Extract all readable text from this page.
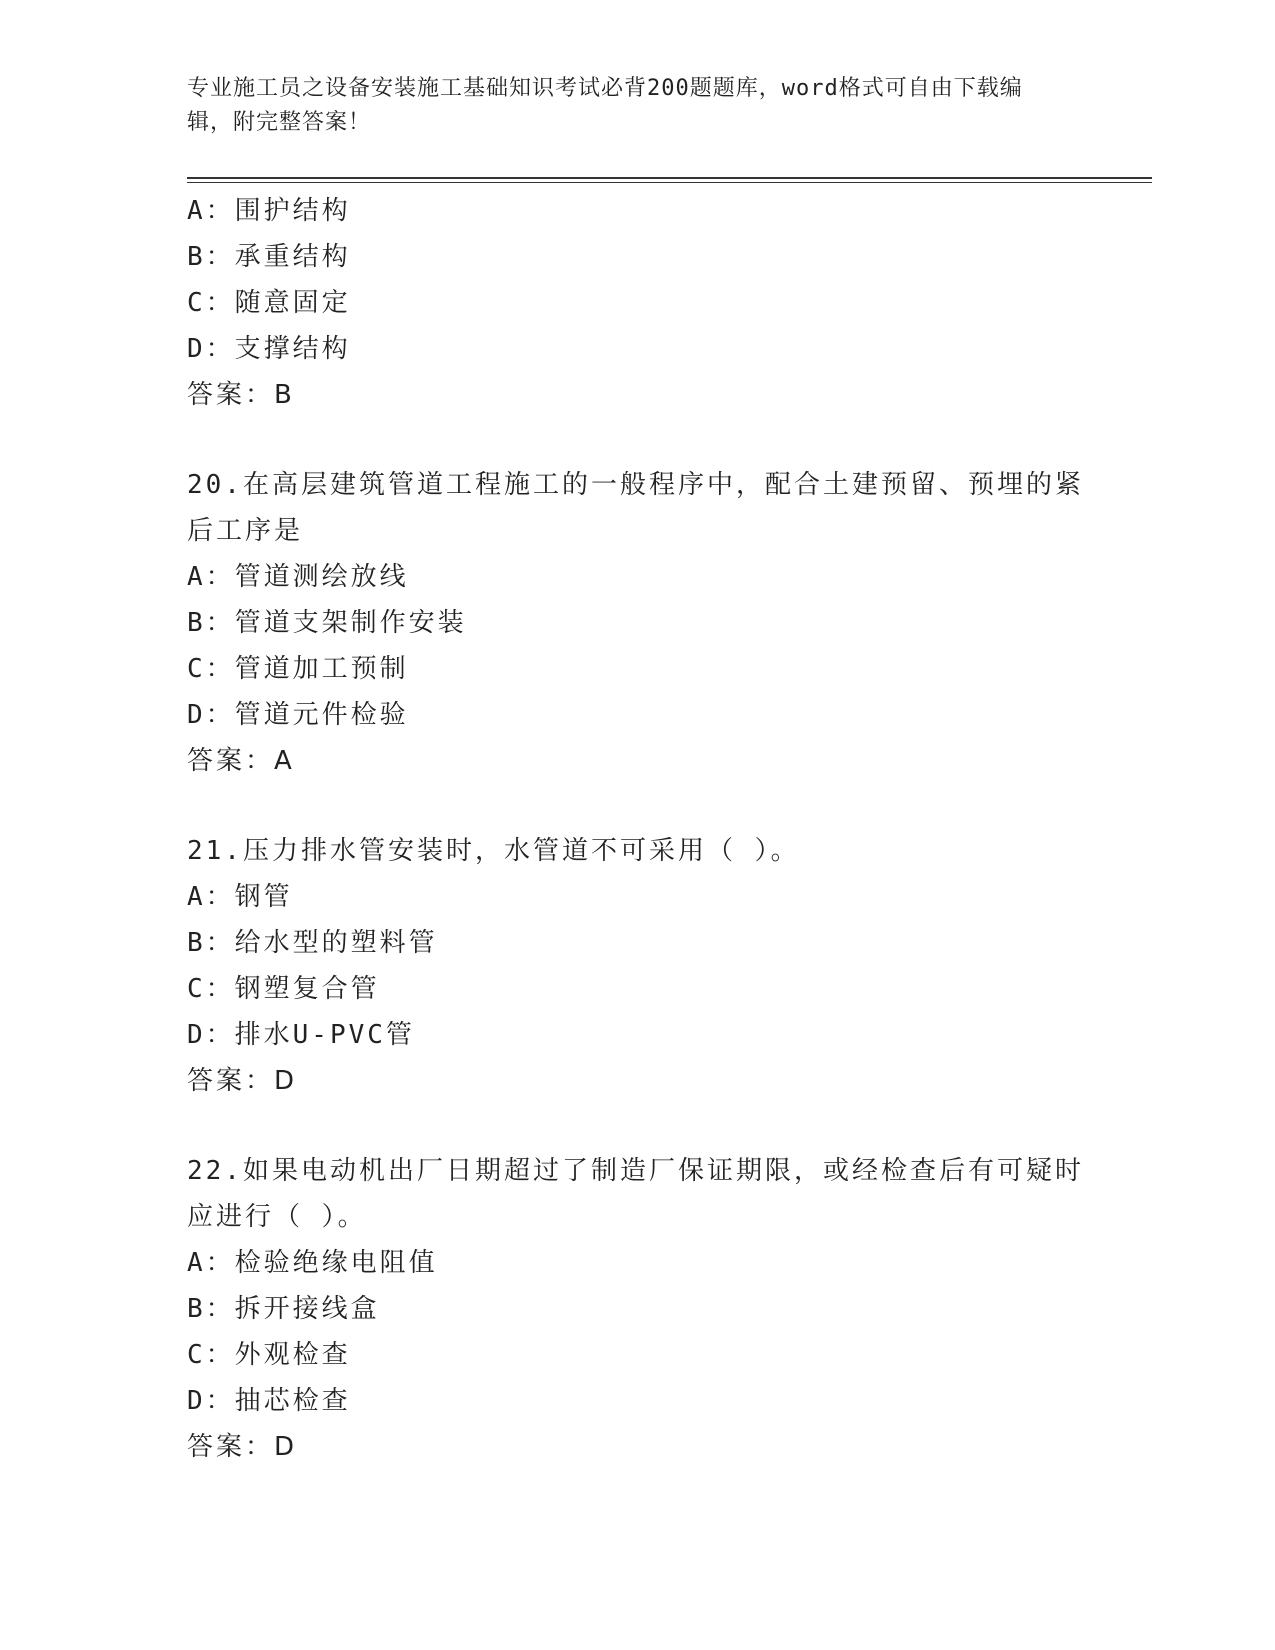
专业施工员之设备安装施工基础知识考试必背200题题库，word格式可自由下载编辑，附完整答案！
A：围护结构
B：承重结构
C：随意固定
D：支撑结构
答案：B
20.在高层建筑管道工程施工的一般程序中，配合土建预留、预埋的紧
后工序是
A：管道测绘放线
B：管道支架制作安装
C：管道加工预制
D：管道元件检验
答案：A
21.压力排水管安装时，水管道不可采用（ ）。
A：钢管
B：给水型的塑料管
C：钢塑复合管
D：排水U-PVC管
答案：D
22.如果电动机出厂日期超过了制造厂保证期限，或经检查后有可疑时
应进行（ ）。
A：检验绝缘电阻值
B：拆开接线盒
C：外观检查
D：抽芯检查
答案：D
